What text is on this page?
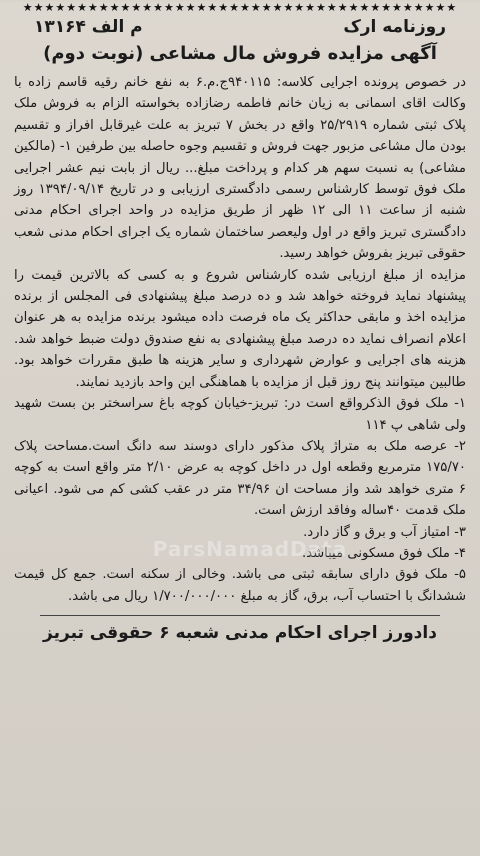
★★★★★★★★★★★★★★★★★★★★★★★★★★★★★★★★★★★★★★★★
روزنامه ارک
م الف ۱۳۱۶۴
آگهی مزایده فروش مال مشاعی (نوبت دوم)

در خصوص پرونده اجرایی کلاسه: ۹۴۰۱۱۵ج.م.۶ به نفع خانم رقیه قاسم زاده با وکالت اقای اسمانی به زیان خانم فاطمه رضازاده بخواسته الزام به فروش ملک پلاک ثبتی شماره ۲۵/۲۹۱۹ واقع در بخش ۷ تبریز به علت غیرقابل افراز و تقسیم بودن مال مشاعی مزبور جهت فروش و تقسیم وجوه حاصله بین طرفین ۱- (مالکین مشاعی) به نسبت سهم هر کدام و پرداخت مبلغ... ریال از بابت نیم عشر اجرایی ملک فوق توسط کارشناس رسمی دادگستری ارزیابی و در تاریخ ۱۳۹۴/۰۹/۱۴ روز شنبه از ساعت ۱۱ الی ۱۲ ظهر از طریق مزایده در واحد اجرای احکام مدنی دادگستری تبریز واقع در اول ولیعصر ساختمان شماره یک اجرای احکام مدنی شعب حقوقی تبریز بفروش خواهد رسید.

مزایده از مبلغ ارزیابی شده کارشناس شروع و به کسی که بالاترین قیمت را پیشنهاد نماید فروخته خواهد شد و ده درصد مبلغ پیشنهادی فی المجلس از برنده مزایده اخذ و مابقی حداکثر یک ماه فرصت داده میشود برنده مزایده به هر عنوان اعلام انصراف نماید ده درصد مبلغ پیشنهادی به نفع صندوق دولت ضبط خواهد شد. هزینه های اجرایی و عوارض شهرداری و سایر هزینه ها طبق مقررات خواهد بود. طالبین میتوانند پنج روز قبل از مزایده با هماهنگی این واحد بازدید نمایند.

۱- ملک فوق الذکرواقع است در: تبریز-خیابان کوچه باغ سراسختر بن بست شهید ولی شاهی پ ۱۱۴

۲- عرصه ملک به متراژ پلاک مذکور دارای دوسند سه دانگ است.مساحت پلاک ۱۷۵/۷۰ مترمربع وقطعه اول در داخل کوچه به عرض ۲/۱۰ متر واقع است به کوچه ۶ متری خواهد شد واز مساحت ان ۳۴/۹۶ متر در عقب کشی کم می شود. اعیانی ملک قدمت ۴۰ساله وفاقد ارزش است.

۳- امتیاز آب و برق و گاز دارد.

۴- ملک فوق مسکونی میباشد.

۵- ملک فوق دارای سابقه ثبتی می باشد. وخالی از سکنه است. جمع کل قیمت ششدانگ با احتساب آب، برق، گاز به مبلغ ۱/۷۰۰/۰۰۰/۰۰۰ ریال می باشد.

دادورز اجرای احکام مدنی شعبه ۶ حقوقی تبریز
ParsNamadData
